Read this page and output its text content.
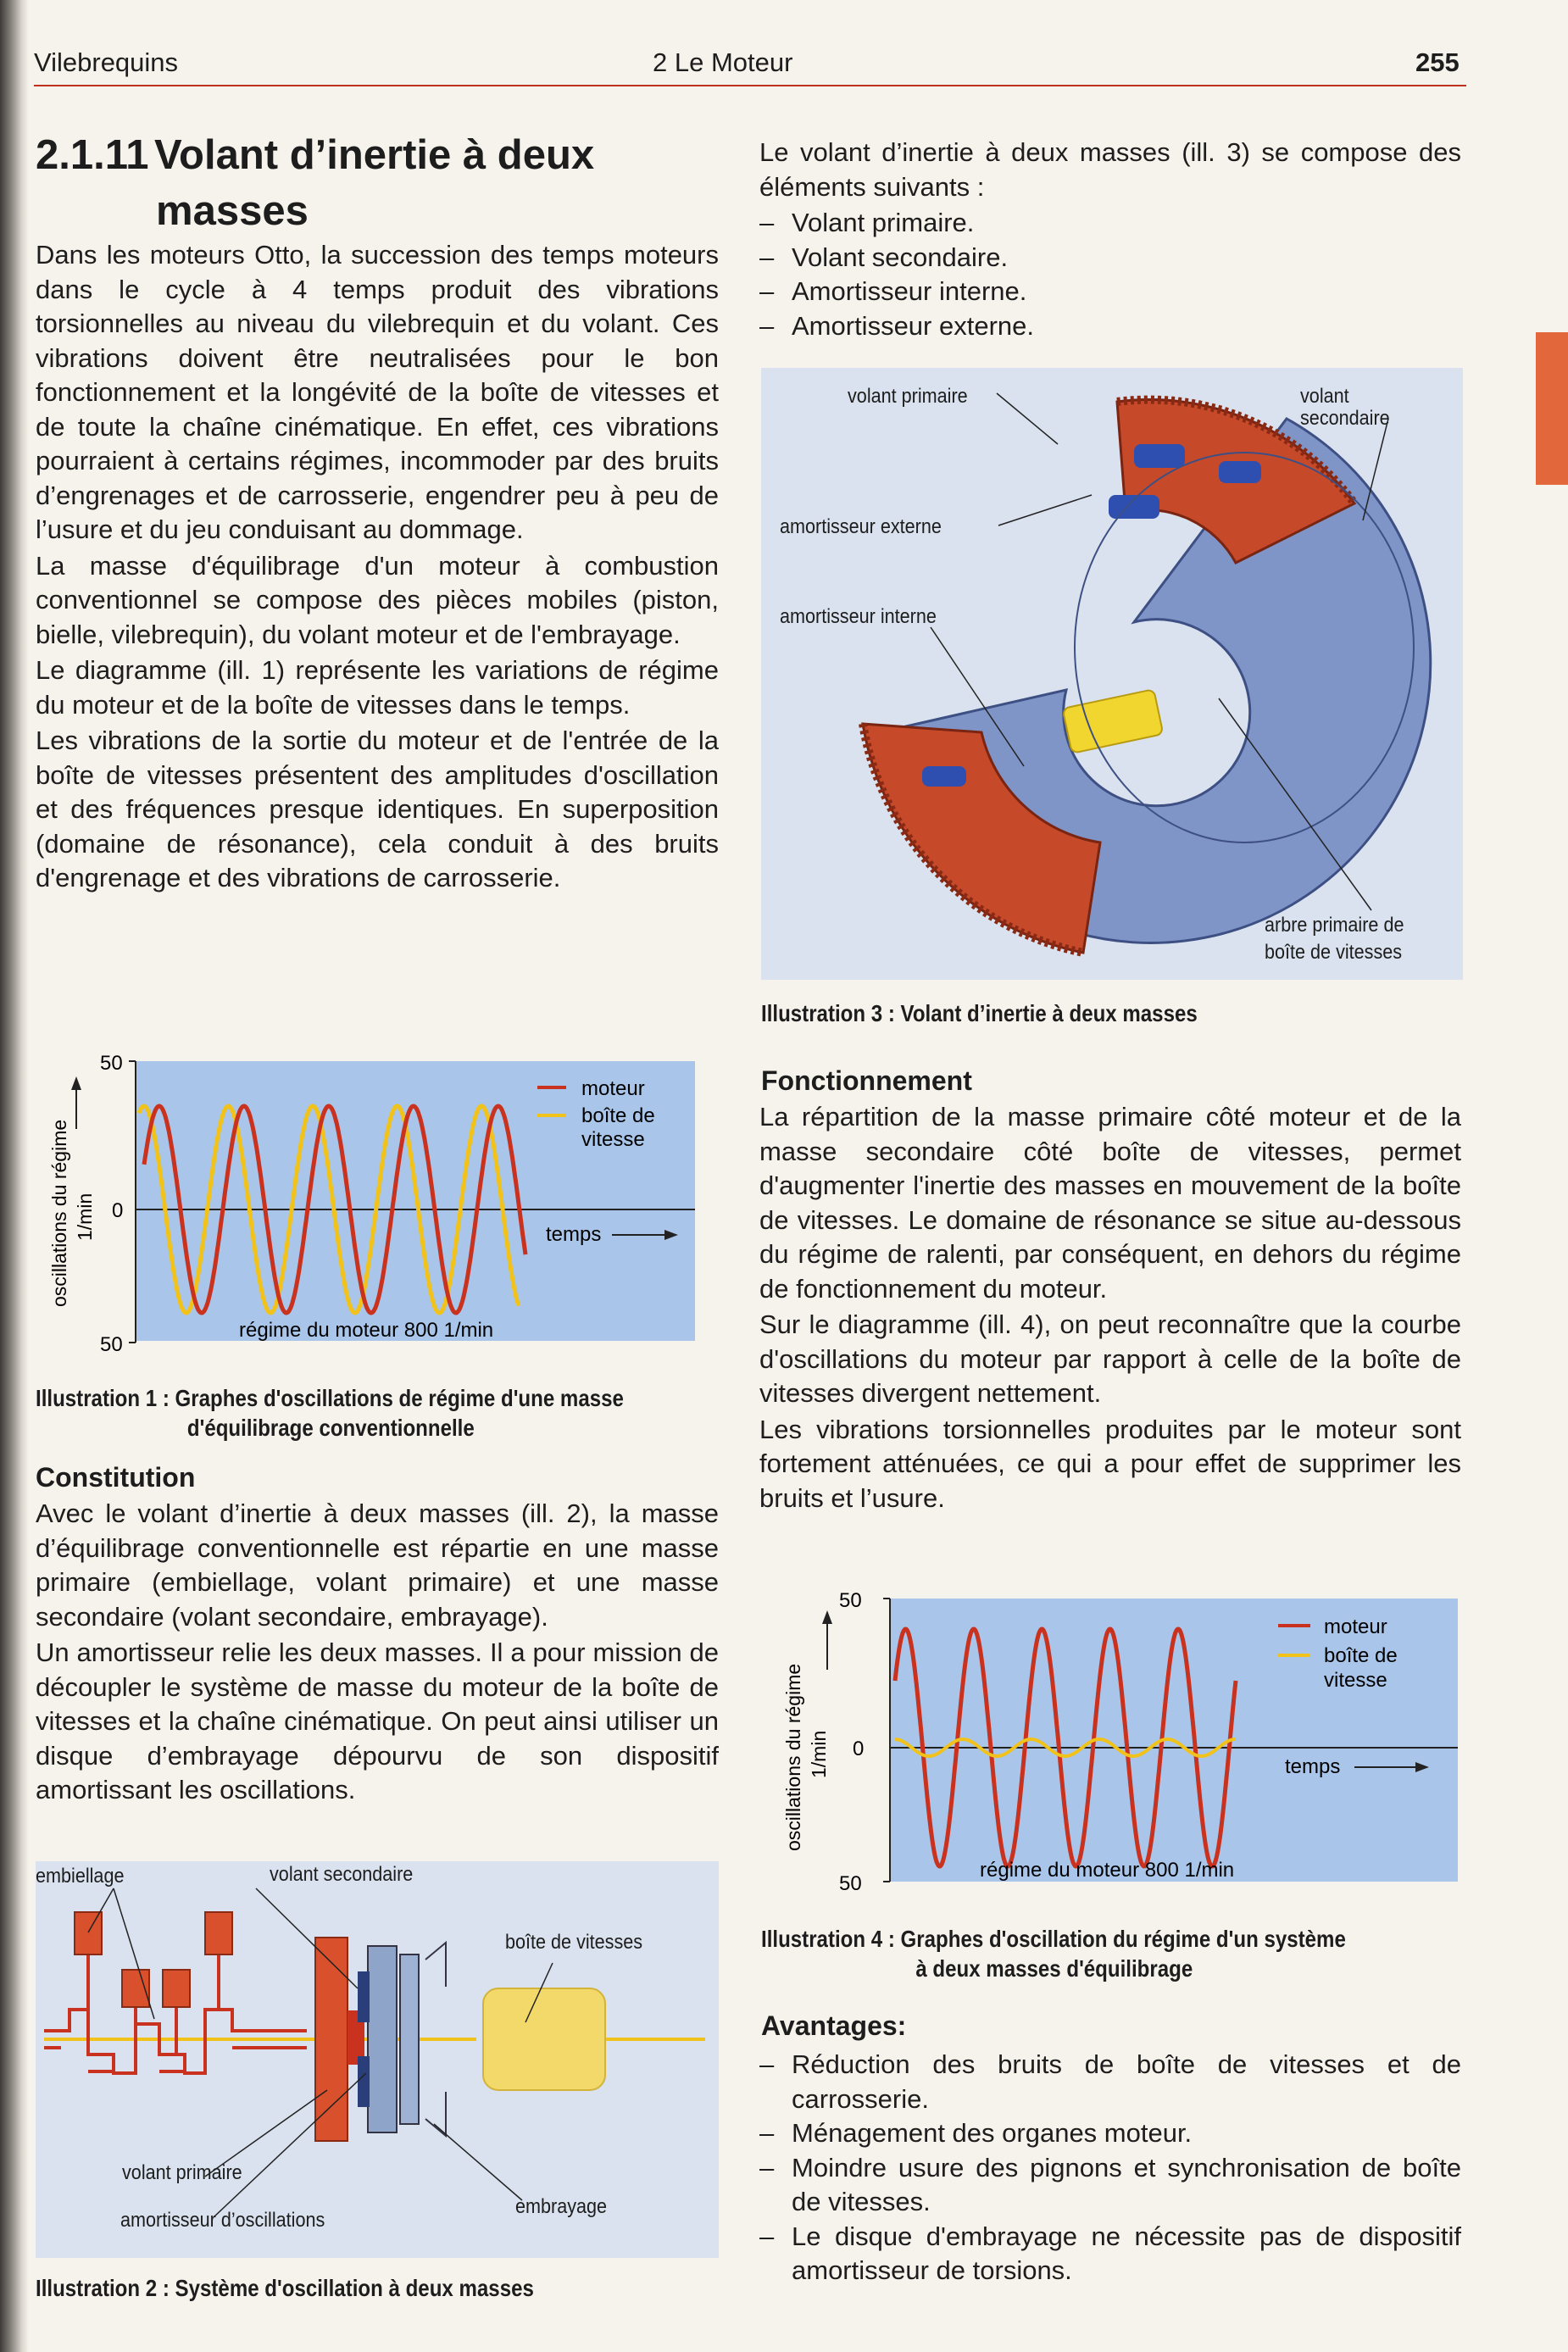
Vilebrequins	2 Le Moteur	255
2.1.11 Volant d’inertie à deux
masses

Dans les moteurs Otto, la succession des temps moteurs dans le cycle à 4 temps produit des vibrations torsionnelles au niveau du vilebrequin et du volant. Ces vibrations doivent être neutralisées pour le bon fonctionnement et la longévité de la boîte de vitesses et de toute la chaîne cinématique. En effet, ces vibrations pourraient à certains régimes, incommoder par des bruits d’engrenages et de carrosserie, engendrer peu à peu de l’usure et du jeu conduisant au dommage.

La masse d'équilibrage d'un moteur à combustion conventionnel se compose des pièces mobiles (piston, bielle, vilebrequin), du volant moteur et de l'embrayage.

Le diagramme (ill. 1) représente les variations de régime du moteur et de la boîte de vitesses dans le temps.

Les vibrations de la sortie du moteur et de l'entrée de la boîte de vitesses présentent des amplitudes d'oscillation et des fréquences presque identiques. En superposition (domaine de résonance), cela conduit à des bruits d'engrenage et des vibrations de carrosserie.

50
0
50
oscillations du régime 1/min
moteur
boîte de
vitesse
temps
régime du moteur 800 1/min
Illustration 1 : Graphes d'oscillations de régime d'une masse
d'équilibrage conventionnelle
Constitution

Avec le volant d’inertie à deux masses (ill. 2), la masse d’équilibrage conventionnelle est répartie en une masse primaire (embiellage, volant primaire) et une masse secondaire (volant secondaire, embrayage).

Un amortisseur relie les deux masses. Il a pour mission de découpler le système de masse du moteur de la boîte de vitesses et la chaîne cinématique. On peut ainsi utiliser un disque d’embrayage dépourvu de son dispositif amortissant les oscillations.

embiellage	volant secondaire
boîte de vitesses
volant primaire
amortisseur d’oscillations
embrayage
Illustration 2 : Système d'oscillation à deux masses

Le volant d’inertie à deux masses (ill. 3) se compose des éléments suivants :

– Volant primaire.
– Volant secondaire.
– Amortisseur interne.
– Amortisseur externe.
volant primaire	volant
secondaire
amortisseur externe
amortisseur interne
arbre primaire de
boîte de vitesses
Illustration 3 : Volant d’inertie à deux masses
Fonctionnement

La répartition de la masse primaire côté moteur et de la masse secondaire côté boîte de vitesses, permet d'augmenter l'inertie des masses en mouvement de la boîte de vitesses. Le domaine de résonance se situe au-dessous du régime de ralenti, par conséquent, en dehors du régime de fonctionnement du moteur.

Sur le diagramme (ill. 4), on peut reconnaître que la courbe d'oscillations du moteur par rapport à celle de la boîte de vitesses divergent nettement.

Les vibrations torsionnelles produites par le moteur sont fortement atténuées, ce qui a pour effet de supprimer les bruits et l’usure.

50
0
50
oscillations du régime 1/min
moteur
boîte de
vitesse
temps
régime du moteur 800 1/min
Illustration 4 : Graphes d'oscillation du régime d'un système
à deux masses d'équilibrage
Avantages:
– Réduction des bruits de boîte de vitesses et de carrosserie.
– Ménagement des organes moteur.
– Moindre usure des pignons et synchronisation de boîte de vitesses.
– Le disque d'embrayage ne nécessite pas de dispositif amortisseur de torsions.
